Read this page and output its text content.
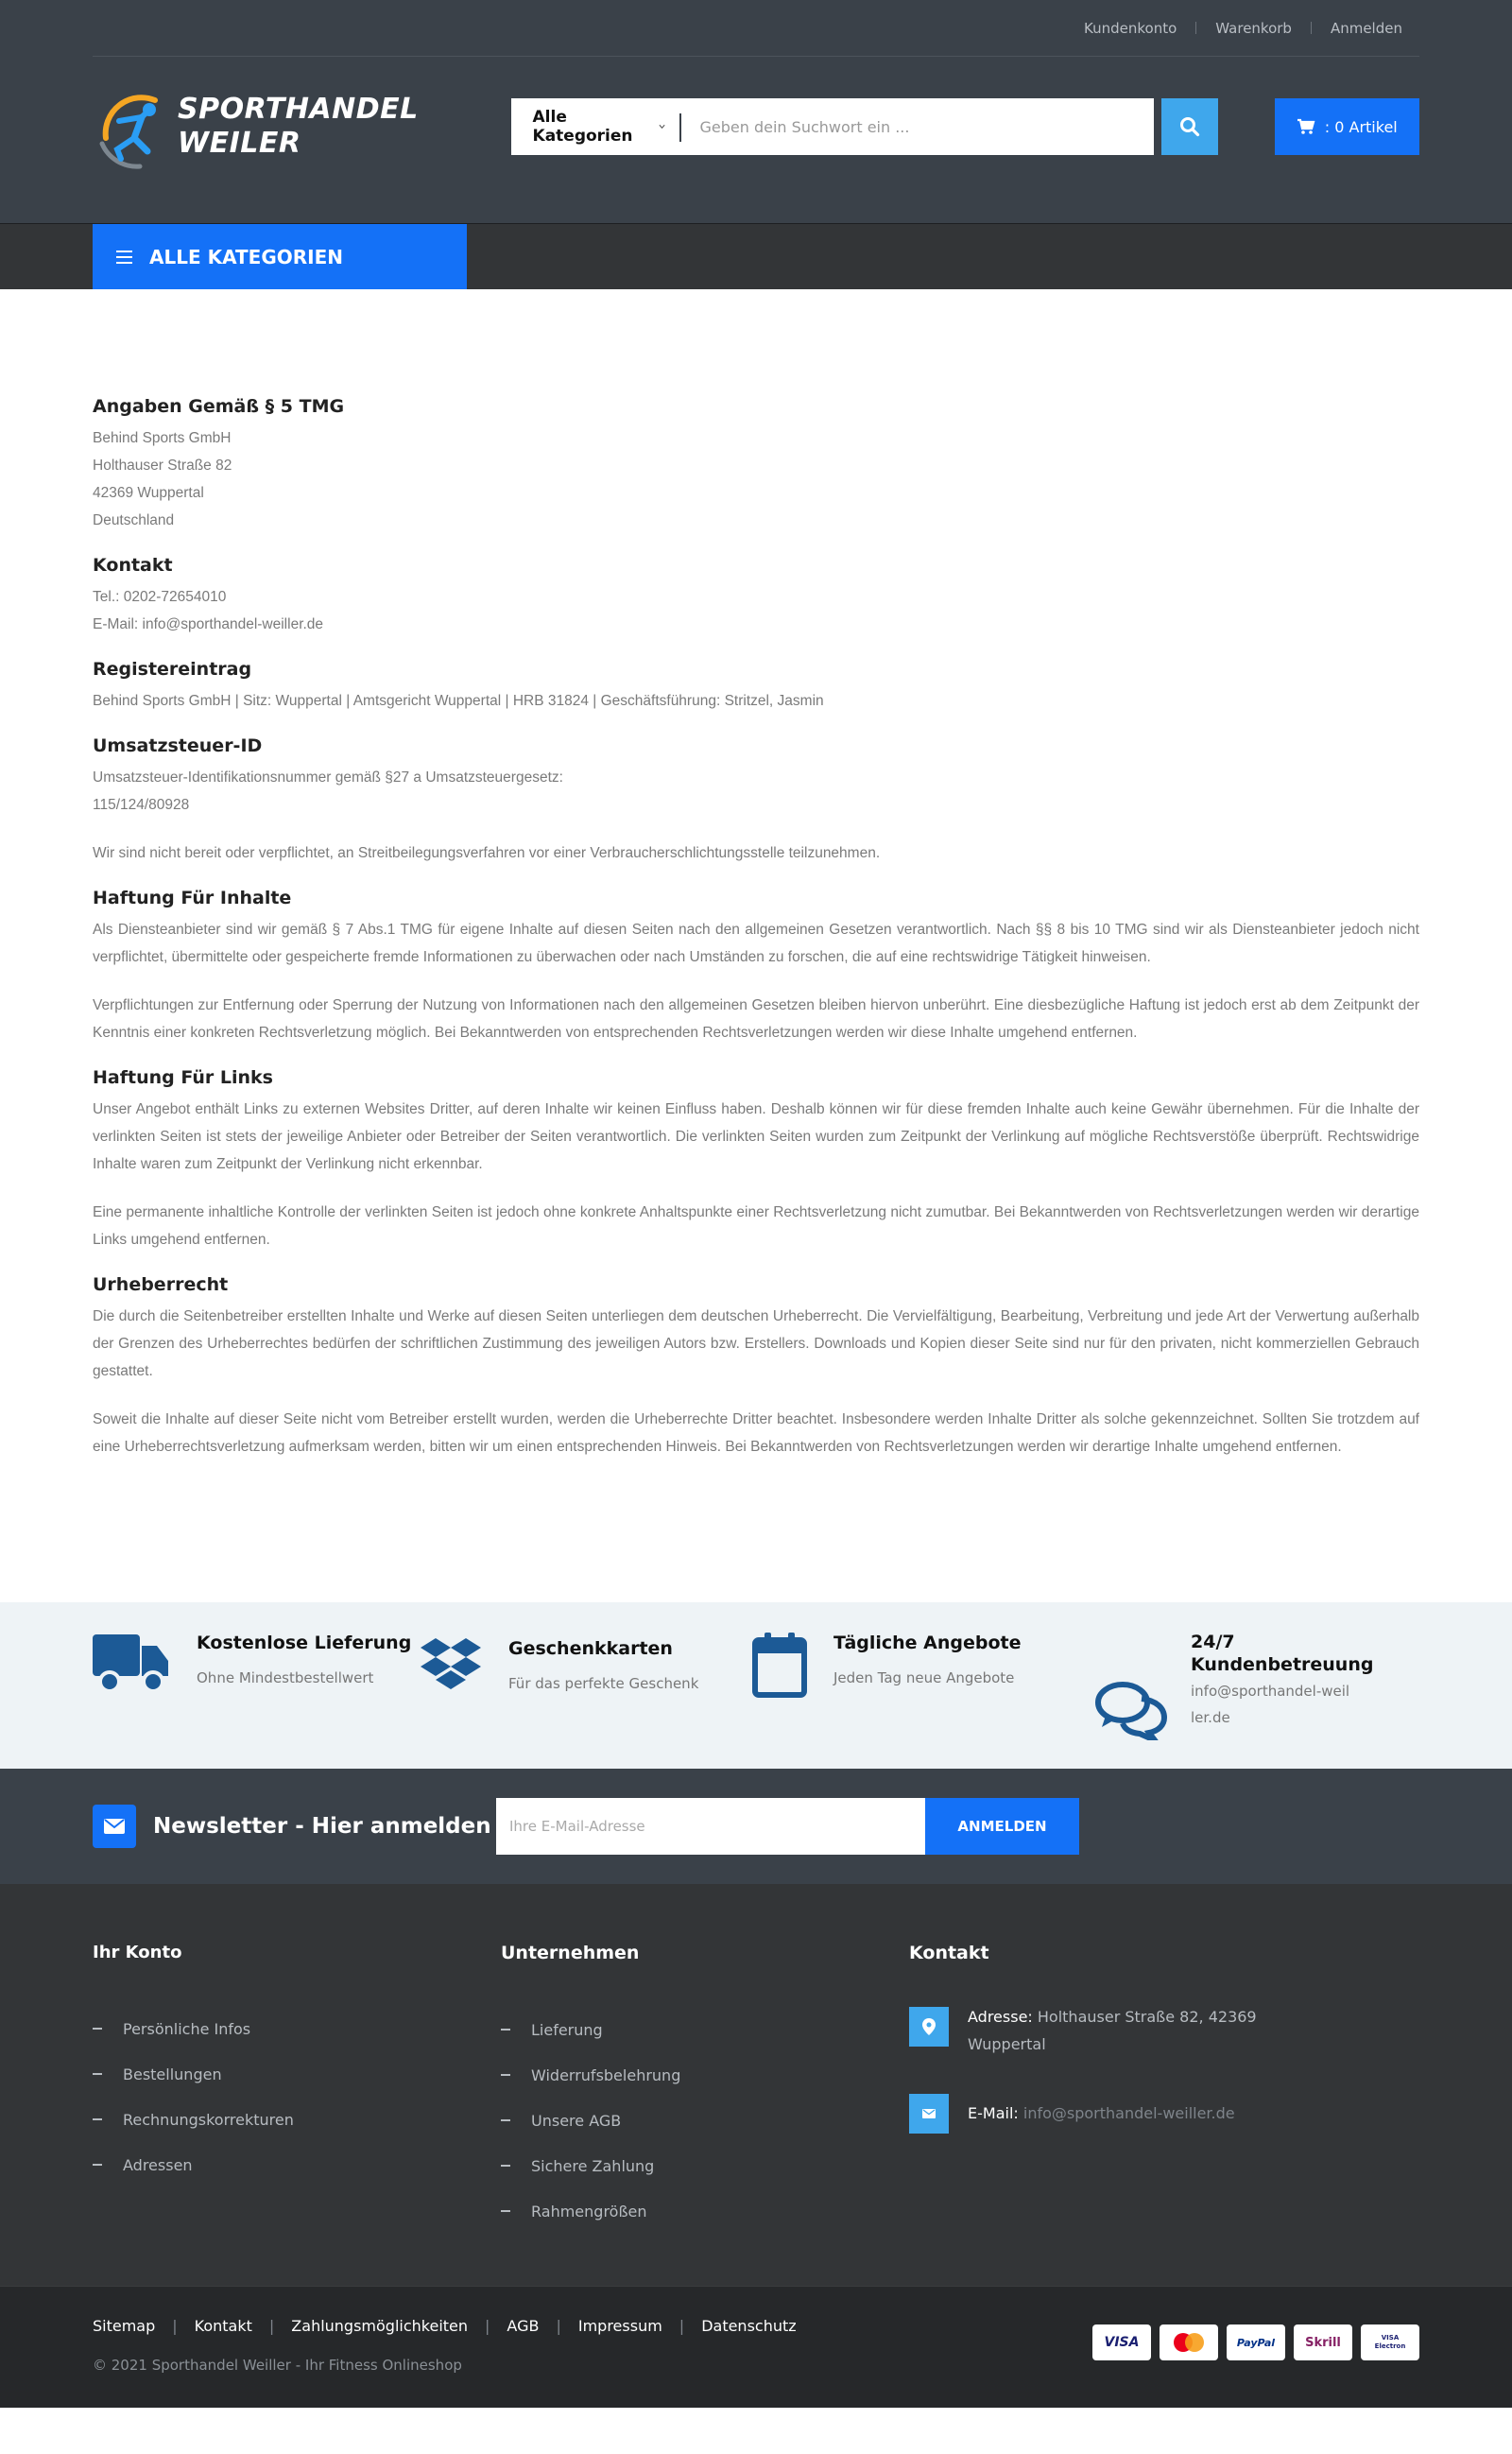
Kundenkonto	Warenkorb	Anmelden
SPORTHANDEL
WEILER
Alle Kategorien
Geben dein Suchwort ein ...	: 0 Artikel
ALLE KATEGORIEN
Angaben Gemäß § 5 TMG

Behind Sports GmbH

Holthauser Straße 82

42369 Wuppertal

Deutschland

Kontakt

Tel.: 0202-72654010

E-Mail: info@sporthandel-weiller.de

Registereintrag

Behind Sports GmbH | Sitz: Wuppertal | Amtsgericht Wuppertal | HRB 31824 | Geschäftsführung: Stritzel, Jasmin

Umsatzsteuer-ID

Umsatzsteuer-Identifikationsnummer gemäß §27 a Umsatzsteuergesetz:

115/124/80928

Wir sind nicht bereit oder verpflichtet, an Streitbeilegungsverfahren vor einer Verbraucherschlichtungsstelle teilzunehmen.

Haftung Für Inhalte

Als Diensteanbieter sind wir gemäß § 7 Abs.1 TMG für eigene Inhalte auf diesen Seiten nach den allgemeinen Gesetzen verantwortlich. Nach §§ 8 bis 10 TMG sind wir als Diensteanbieter jedoch nicht verpflichtet, übermittelte oder gespeicherte fremde Informationen zu überwachen oder nach Umständen zu forschen, die auf eine rechtswidrige Tätigkeit hinweisen.

Verpflichtungen zur Entfernung oder Sperrung der Nutzung von Informationen nach den allgemeinen Gesetzen bleiben hiervon unberührt. Eine diesbezügliche Haftung ist jedoch erst ab dem Zeitpunkt der Kenntnis einer konkreten Rechtsverletzung möglich. Bei Bekanntwerden von entsprechenden Rechtsverletzungen werden wir diese Inhalte umgehend entfernen.

Haftung Für Links

Unser Angebot enthält Links zu externen Websites Dritter, auf deren Inhalte wir keinen Einfluss haben. Deshalb können wir für diese fremden Inhalte auch keine Gewähr übernehmen. Für die Inhalte der verlinkten Seiten ist stets der jeweilige Anbieter oder Betreiber der Seiten verantwortlich. Die verlinkten Seiten wurden zum Zeitpunkt der Verlinkung auf mögliche Rechtsverstöße überprüft. Rechtswidrige Inhalte waren zum Zeitpunkt der Verlinkung nicht erkennbar.

Eine permanente inhaltliche Kontrolle der verlinkten Seiten ist jedoch ohne konkrete Anhaltspunkte einer Rechtsverletzung nicht zumutbar. Bei Bekanntwerden von Rechtsverletzungen werden wir derartige Links umgehend entfernen.

Urheberrecht

Die durch die Seitenbetreiber erstellten Inhalte und Werke auf diesen Seiten unterliegen dem deutschen Urheberrecht. Die Vervielfältigung, Bearbeitung, Verbreitung und jede Art der Verwertung außerhalb der Grenzen des Urheberrechtes bedürfen der schriftlichen Zustimmung des jeweiligen Autors bzw. Erstellers. Downloads und Kopien dieser Seite sind nur für den privaten, nicht kommerziellen Gebrauch gestattet.

Soweit die Inhalte auf dieser Seite nicht vom Betreiber erstellt wurden, werden die Urheberrechte Dritter beachtet. Insbesondere werden Inhalte Dritter als solche gekennzeichnet. Sollten Sie trotzdem auf eine Urheberrechtsverletzung aufmerksam werden, bitten wir um einen entsprechenden Hinweis. Bei Bekanntwerden von Rechtsverletzungen werden wir derartige Inhalte umgehend entfernen.

Kostenlose Lieferung
Ohne Mindestbestellwert
Geschenkkarten
Für das perfekte Geschenk
Tägliche Angebote
Jeden Tag neue Angebote
24/7 Kundenbetreuung
info@sporthandel-weiller.de
Newsletter - Hier anmelden
Ihre E-Mail-Adresse	ANMELDEN
Ihr Konto
Persönliche Infos
Bestellungen
Rechnungskorrekturen
Adressen
Unternehmen
Lieferung
Widerrufsbelehrung
Unsere AGB
Sichere Zahlung
Rahmengrößen
Kontakt
Adresse: Holthauser Straße 82, 42369 Wuppertal
E-Mail: info@sporthandel-weiller.de
Sitemap | Kontakt | Zahlungsmöglichkeiten | AGB | Impressum | Datenschutz
© 2021 Sporthandel Weiller - Ihr Fitness Onlineshop
VISA	PayPal	Skrill	VISA Electron
